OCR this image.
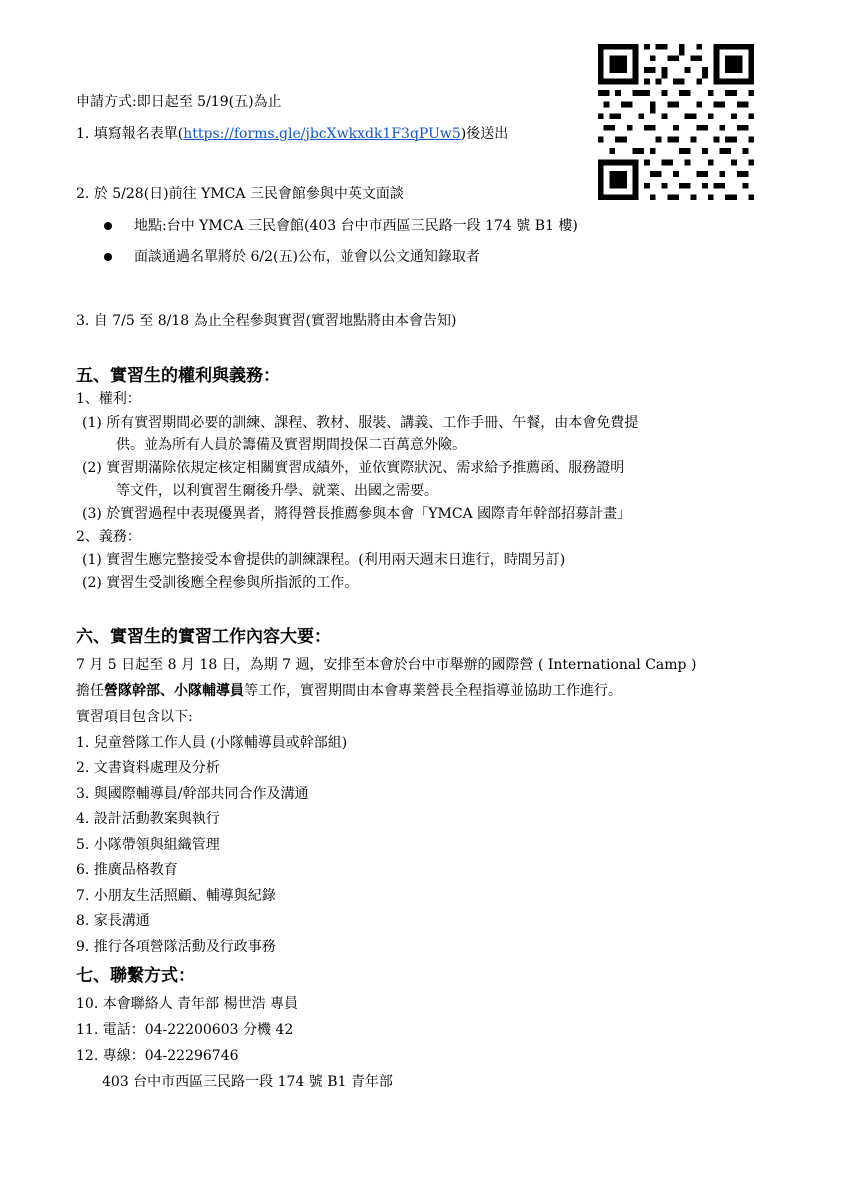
申請方式:即日起至 5/19(五)為止
1. 填寫報名表單(https://forms.gle/jbcXwkxdk1F3qPUw5)後送出
2. 於 5/28(日)前往 YMCA 三民會館參與中英文面談
地點:台中 YMCA 三民會館(403 台中市西區三民路一段 174 號 B1 樓)
面談通過名單將於 6/2(五)公布，並會以公文通知錄取者
3. 自 7/5 至 8/18 為止全程參與實習(實習地點將由本會告知)
五、實習生的權利與義務：
1、權利：
(1) 所有實習期間必要的訓練、課程、教材、服裝、講義、工作手冊、午餐，由本會免費提
供。並為所有人員於籌備及實習期間投保二百萬意外險。
(2) 實習期滿除依規定核定相關實習成績外，並依實際狀況、需求給予推薦函、服務證明
等文件，以利實習生爾後升學、就業、出國之需要。
(3) 於實習過程中表現優異者，將得營長推薦參與本會「YMCA 國際青年幹部招募計畫」
2、義務：
(1) 實習生應完整接受本會提供的訓練課程。(利用兩天週末日進行，時間另訂)
(2) 實習生受訓後應全程參與所指派的工作。
六、實習生的實習工作內容大要：
7 月 5 日起至 8 月 18 日，為期 7 週，安排至本會於台中市舉辦的國際營 ( International Camp )
擔任營隊幹部、小隊輔導員等工作，實習期間由本會專業營長全程指導並協助工作進行。
實習項目包含以下:
1. 兒童營隊工作人員 (小隊輔導員或幹部組)
2. 文書資料處理及分析
3. 與國際輔導員/幹部共同合作及溝通
4. 設計活動教案與執行
5. 小隊帶領與組織管理
6. 推廣品格教育
7. 小朋友生活照顧、輔導與紀錄
8. 家長溝通
9. 推行各項營隊活動及行政事務
七、聯繫方式：
10. 本會聯絡人 青年部 楊世浩 專員
11. 電話：04-22200603 分機 42
12. 專線：04-22296746
403 台中市西區三民路一段 174 號 B1 青年部
